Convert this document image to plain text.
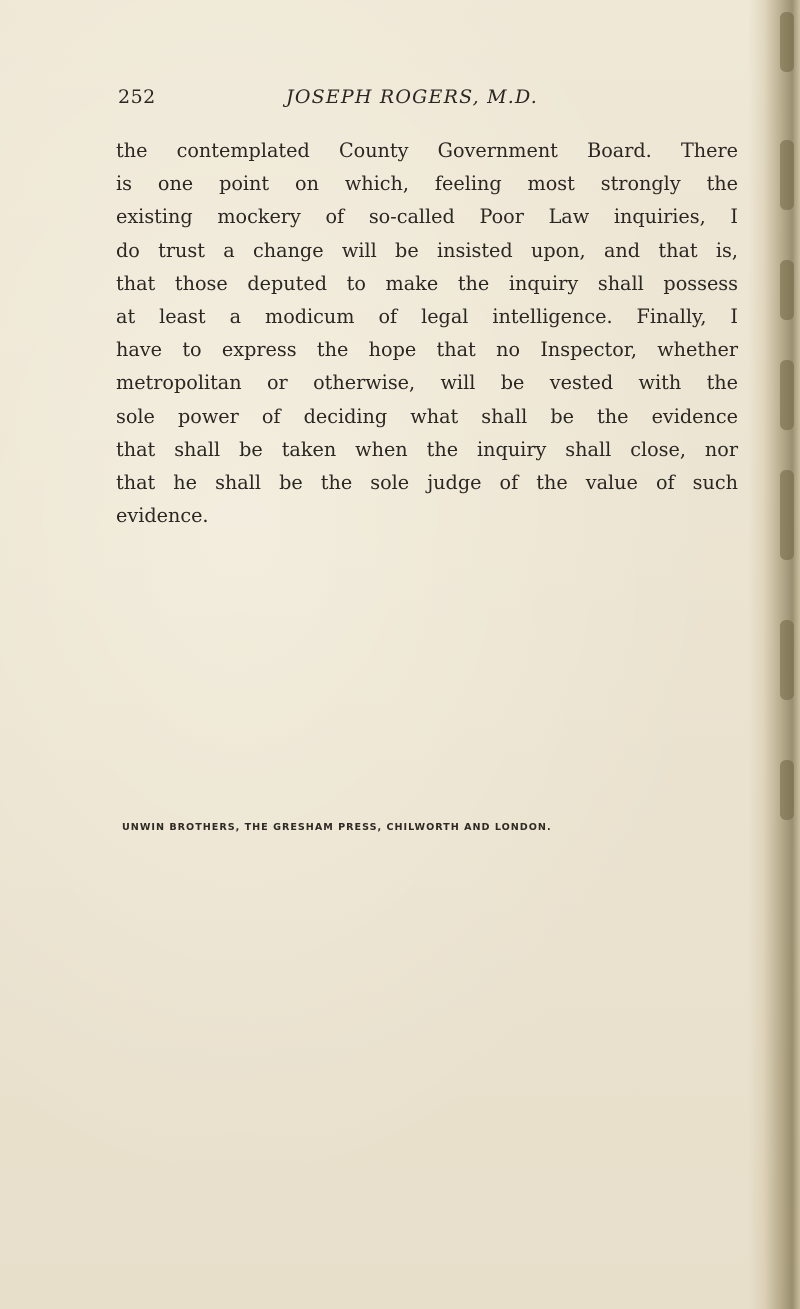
252	JOSEPH ROGERS, M.D.
the contemplated County Government Board. There
is one point on which, feeling most strongly the
existing mockery of so-called Poor Law inquiries, I
do trust a change will be insisted upon, and that is,
that those deputed to make the inquiry shall possess
at least a modicum of legal intelligence. Finally, I
have to express the hope that no Inspector, whether
metropolitan or otherwise, will be vested with the
sole power of deciding what shall be the evidence
that shall be taken when the inquiry shall close, nor
that he shall be the sole judge of the value of such
evidence.
UNWIN BROTHERS, THE GRESHAM PRESS, CHILWORTH AND LONDON.
